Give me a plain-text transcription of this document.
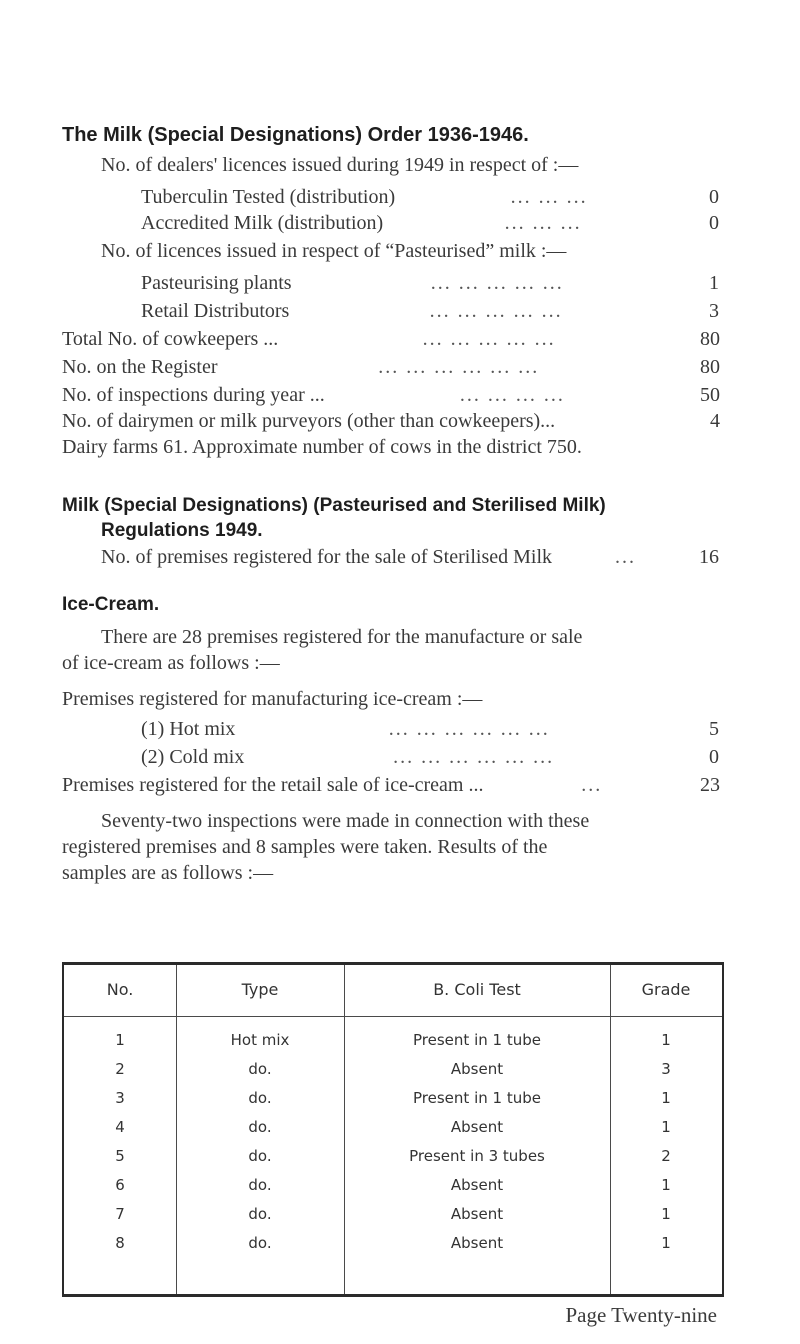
The Milk (Special Designations) Order 1936-1946.
No. of dealers' licences issued during 1949 in respect of :—
Tuberculin Tested (distribution)	... ... ...	0
Accredited Milk (distribution)	... ... ...	0
No. of licences issued in respect of “Pasteurised” milk :—
Pasteurising plants	... ... ... ... ...	1
Retail Distributors	... ... ... ... ...	3
Total No. of cowkeepers ...	... ... ... ... ...	80
No. on the Register	... ... ... ... ... ...	80
No. of inspections during year ...	... ... ... ...	50
No. of dairymen or milk purveyors (other than cowkeepers)...	4
Dairy farms 61. Approximate number of cows in the district 750.
Milk (Special Designations) (Pasteurised and Sterilised Milk)
Regulations 1949.
No. of premises registered for the sale of Sterilised Milk	...	16
Ice-Cream.
There are 28 premises registered for the manufacture or sale
of ice-cream as follows :—
Premises registered for manufacturing ice-cream :—
(1) Hot mix	... ... ... ... ... ...	5
(2) Cold mix	... ... ... ... ... ...	0
Premises registered for the retail sale of ice-cream ...	...	23
Seventy-two inspections were made in connection with these
registered premises and 8 samples were taken. Results of the
samples are as follows :—
No.	Type	B. Coli Test	Grade
1	Hot mix	Present in 1 tube	1
2	do.	Absent	3
3	do.	Present in 1 tube	1
4	do.	Absent	1
5	do.	Present in 3 tubes	2
6	do.	Absent	1
7	do.	Absent	1
8	do.	Absent	1
Page Twenty-nine
